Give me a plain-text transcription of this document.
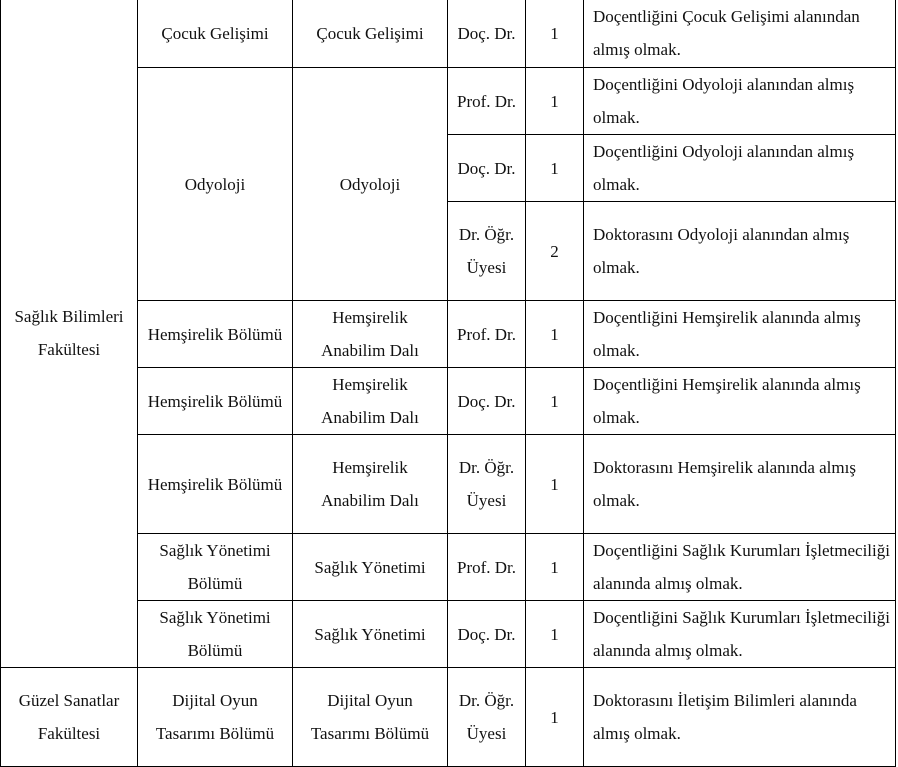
Sağlık Bilimleri Fakültesi	Çocuk Gelişimi	Çocuk Gelişimi	Doç. Dr.	1	Doçentliğini Çocuk Gelişimi alanından almış olmak.
	Odyoloji	Odyoloji	Prof. Dr.	1	Doçentliğini Odyoloji alanından almış olmak.
			Doç. Dr.	1	Doçentliğini Odyoloji alanından almış olmak.
			Dr. Öğr. Üyesi	2	Doktorasını Odyoloji alanından almış olmak.
	Hemşirelik Bölümü	Hemşirelik Anabilim Dalı	Prof. Dr.	1	Doçentliğini Hemşirelik alanında almış olmak.
	Hemşirelik Bölümü	Hemşirelik Anabilim Dalı	Doç. Dr.	1	Doçentliğini Hemşirelik alanında almış olmak.
	Hemşirelik Bölümü	Hemşirelik Anabilim Dalı	Dr. Öğr. Üyesi	1	Doktorasını Hemşirelik alanında almış olmak.
	Sağlık Yönetimi Bölümü	Sağlık Yönetimi	Prof. Dr.	1	Doçentliğini Sağlık Kurumları İşletmeciliği alanında almış olmak.
	Sağlık Yönetimi Bölümü	Sağlık Yönetimi	Doç. Dr.	1	Doçentliğini Sağlık Kurumları İşletmeciliği alanında almış olmak.
Güzel Sanatlar Fakültesi	Dijital Oyun Tasarımı Bölümü	Dijital Oyun Tasarımı Bölümü	Dr. Öğr. Üyesi	1	Doktorasını İletişim Bilimleri alanında almış olmak.
